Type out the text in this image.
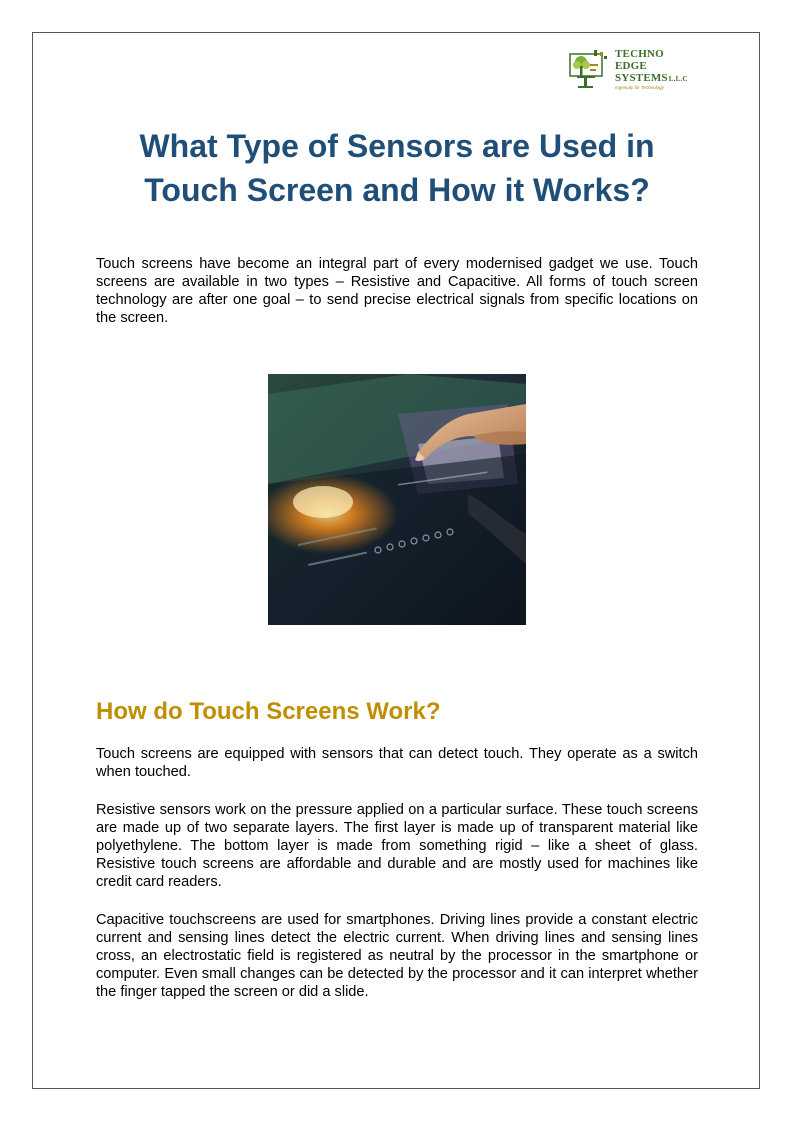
TECHNO
EDGE
SYSTEMSL.L.C
Ingenuity for Technology
What Type of Sensors are Used in Touch Screen and How it Works?

Touch screens have become an integral part of every modernised gadget we use. Touch screens are available in two types – Resistive and Capacitive. All forms of touch screen technology are after one goal – to send precise electrical signals from specific locations on the screen.

How do Touch Screens Work?

Touch screens are equipped with sensors that can detect touch. They operate as a switch when touched.

Resistive sensors work on the pressure applied on a particular surface. These touch screens are made up of two separate layers. The first layer is made up of transparent material like polyethylene. The bottom layer is made from something rigid – like a sheet of glass. Resistive touch screens are affordable and durable and are mostly used for machines like credit card readers.

Capacitive touchscreens are used for smartphones. Driving lines provide a constant electric current and sensing lines detect the electric current. When driving lines and sensing lines cross, an electrostatic field is registered as neutral by the processor in the smartphone or computer. Even small changes can be detected by the processor and it can interpret whether the finger tapped the screen or did a slide.
